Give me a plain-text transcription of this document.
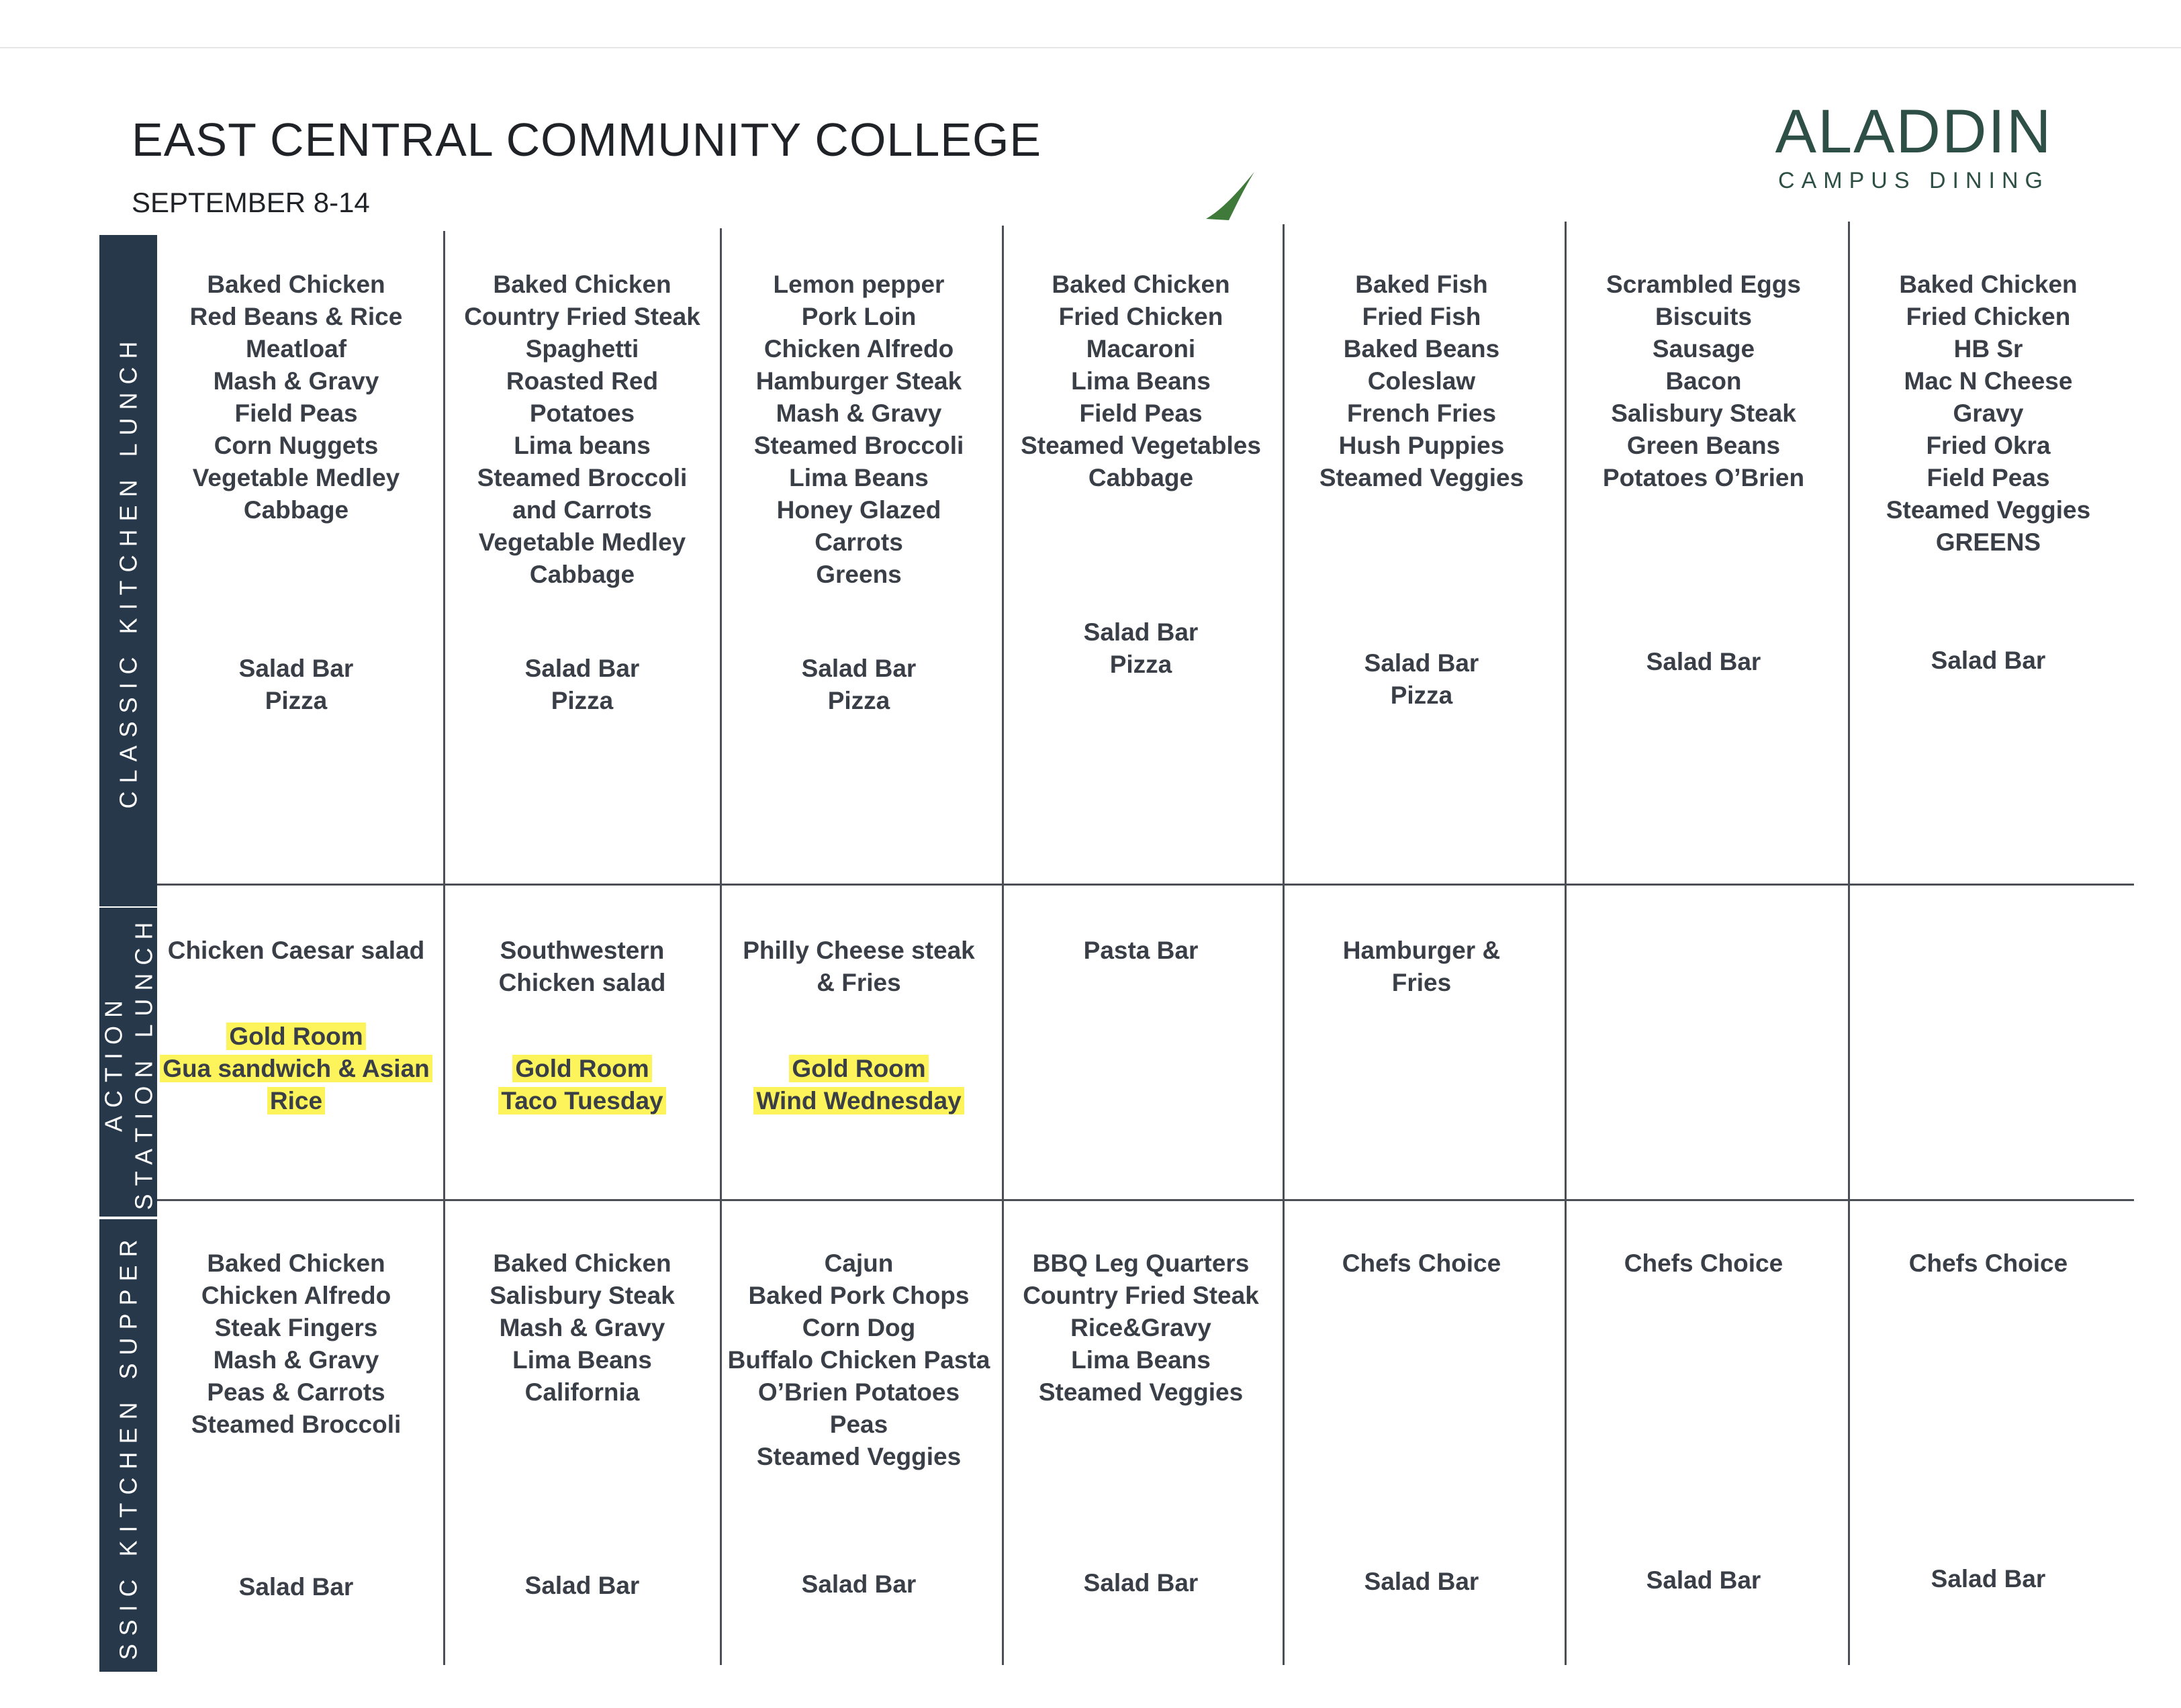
EAST CENTRAL COMMUNITY COLLEGE
SEPTEMBER 8-14
ALADDIN
CAMPUS DINING
CLASSIC KITCHEN LUNCH
ACTION STATION LUNCH
SSIC KITCHEN SUPPER
Baked Chicken
Red Beans & Rice
Meatloaf
Mash & Gravy
Field Peas
Corn Nuggets
Vegetable Medley
Cabbage
Salad Bar
Pizza
Baked Chicken
Country Fried Steak
Spaghetti
Roasted Red
Potatoes
Lima beans
Steamed Broccoli
and Carrots
Vegetable Medley
Cabbage
Salad Bar
Pizza
Lemon pepper
Pork Loin
Chicken Alfredo
Hamburger Steak
Mash & Gravy
Steamed Broccoli
Lima Beans
Honey Glazed
Carrots
Greens
Salad Bar
Pizza
Baked Chicken
Fried Chicken
Macaroni
Lima Beans
Field Peas
Steamed Vegetables
Cabbage
Salad Bar
Pizza
Baked Fish
Fried Fish
Baked Beans
Coleslaw
French Fries
Hush Puppies
Steamed Veggies
Salad Bar
Pizza
Scrambled Eggs
Biscuits
Sausage
Bacon
Salisbury Steak
Green Beans
Potatoes O’Brien
Salad Bar
Baked Chicken
Fried Chicken
HB Sr
Mac N Cheese
Gravy
Fried Okra
Field Peas
Steamed Veggies
GREENS
Salad Bar
Chicken Caesar salad
Gold Room
Gua sandwich & Asian
Rice
Southwestern
Chicken salad
Gold Room
Taco Tuesday
Philly Cheese steak
& Fries
Gold Room
Wind Wednesday
Pasta Bar	Hamburger &
Fries
Baked Chicken
Chicken Alfredo
Steak Fingers
Mash & Gravy
Peas & Carrots
Steamed Broccoli
Salad Bar
Baked Chicken
Salisbury Steak
Mash & Gravy
Lima Beans
California
Salad Bar
Cajun
Baked Pork Chops
Corn Dog
Buffalo Chicken Pasta
O’Brien Potatoes
Peas
Steamed Veggies
Salad Bar
BBQ Leg Quarters
Country Fried Steak
Rice&Gravy
Lima Beans
Steamed Veggies
Salad Bar
Chefs Choice
Salad Bar
Chefs Choice
Salad Bar
Chefs Choice
Salad Bar
